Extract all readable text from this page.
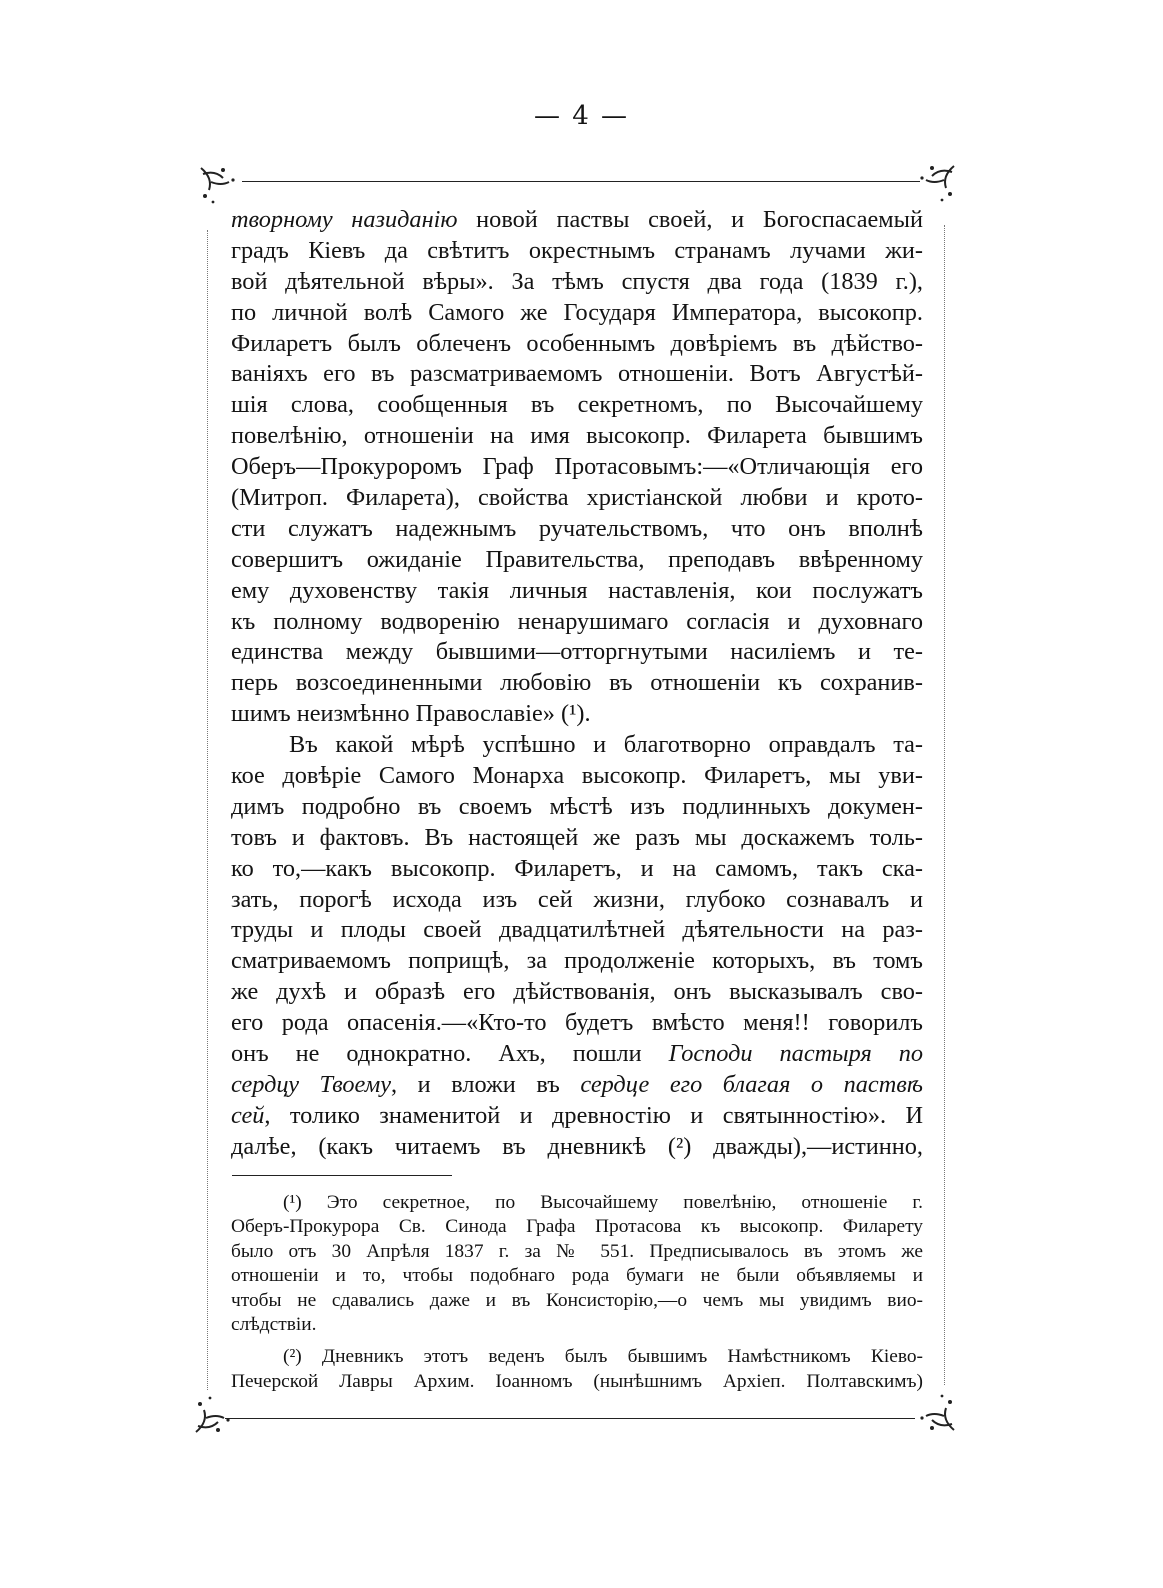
— 4 —
творному назиданію новой паствы своей, и Богоспасаемый
градъ Кіевъ да свѣтитъ окрестнымъ странамъ лучами жи-
вой дѣятельной вѣры». За тѣмъ спустя два года (1839 г.),
по личной волѣ Самого же Государя Императора, высокопр.
Филаретъ былъ облеченъ особеннымъ довѣріемъ въ дѣйство-
ваніяхъ его въ разсматриваемомъ отношеніи. Вотъ Августѣй-
шія слова, сообщенныя въ секретномъ, по Высочайшему
повелѣнію, отношеніи на имя высокопр. Филарета бывшимъ
Оберъ—Прокуроромъ Граф Протасовымъ:—«Отличающія его
(Митроп. Филарета), свойства христіанской любви и крото-
сти служатъ надежнымъ ручательствомъ, что онъ вполнѣ
совершитъ ожиданіе Правительства, преподавъ ввѣренному
ему духовенству такія личныя наставленія, кои послужатъ
къ полному водворенію ненарушимаго согласія и духовнаго
единства между бывшими—отторгнутыми насиліемъ и те-
перь возсоединенными любовію въ отношеніи къ сохранив-
шимъ неизмѣнно Православіе» (¹).
Въ какой мѣрѣ успѣшно и благотворно оправдалъ та-
кое довѣріе Самого Монарха высокопр. Филаретъ, мы уви-
димъ подробно въ своемъ мѣстѣ изъ подлинныхъ докумен-
товъ и фактовъ. Въ настоящей же разъ мы доскажемъ толь-
ко то,—какъ высокопр. Филаретъ, и на самомъ, такъ ска-
зать, порогѣ исхода изъ сей жизни, глубоко сознавалъ и
труды и плоды своей двадцатилѣтней дѣятельности на раз-
сматриваемомъ поприщѣ, за продолженіе которыхъ, въ томъ
же духѣ и образѣ его дѣйствованія, онъ высказывалъ сво-
его рода опасенія.—«Кто-то будетъ вмѣсто меня!! говорилъ
онъ не однократно. Ахъ, пошли Господи пастыря по
сердцу Твоему, и вложи въ сердце его благая о паствѣ
сей, толико знаменитой и древностію и святынностію». И
далѣе, (какъ читаемъ въ дневникѣ (²) дважды),—истинно,
(¹) Это секретное, по Высочайшему повелѣнію, отношеніе г.
Оберъ-Прокурора Св. Синода Графа Протасова къ высокопр. Филарету
было отъ 30 Апрѣля 1837 г. за № 551. Предписывалось въ этомъ же
отношеніи и то, чтобы подобнаго рода бумаги не были объявляемы и
чтобы не сдавались даже и въ Консисторію,—о чемъ мы увидимъ вио-
слѣдствіи.
(²) Дневникъ этотъ веденъ былъ бывшимъ Намѣстникомъ Кіево-
Печерской Лавры Архим. Іоанномъ (нынѣшнимъ Архіеп. Полтавскимъ)
